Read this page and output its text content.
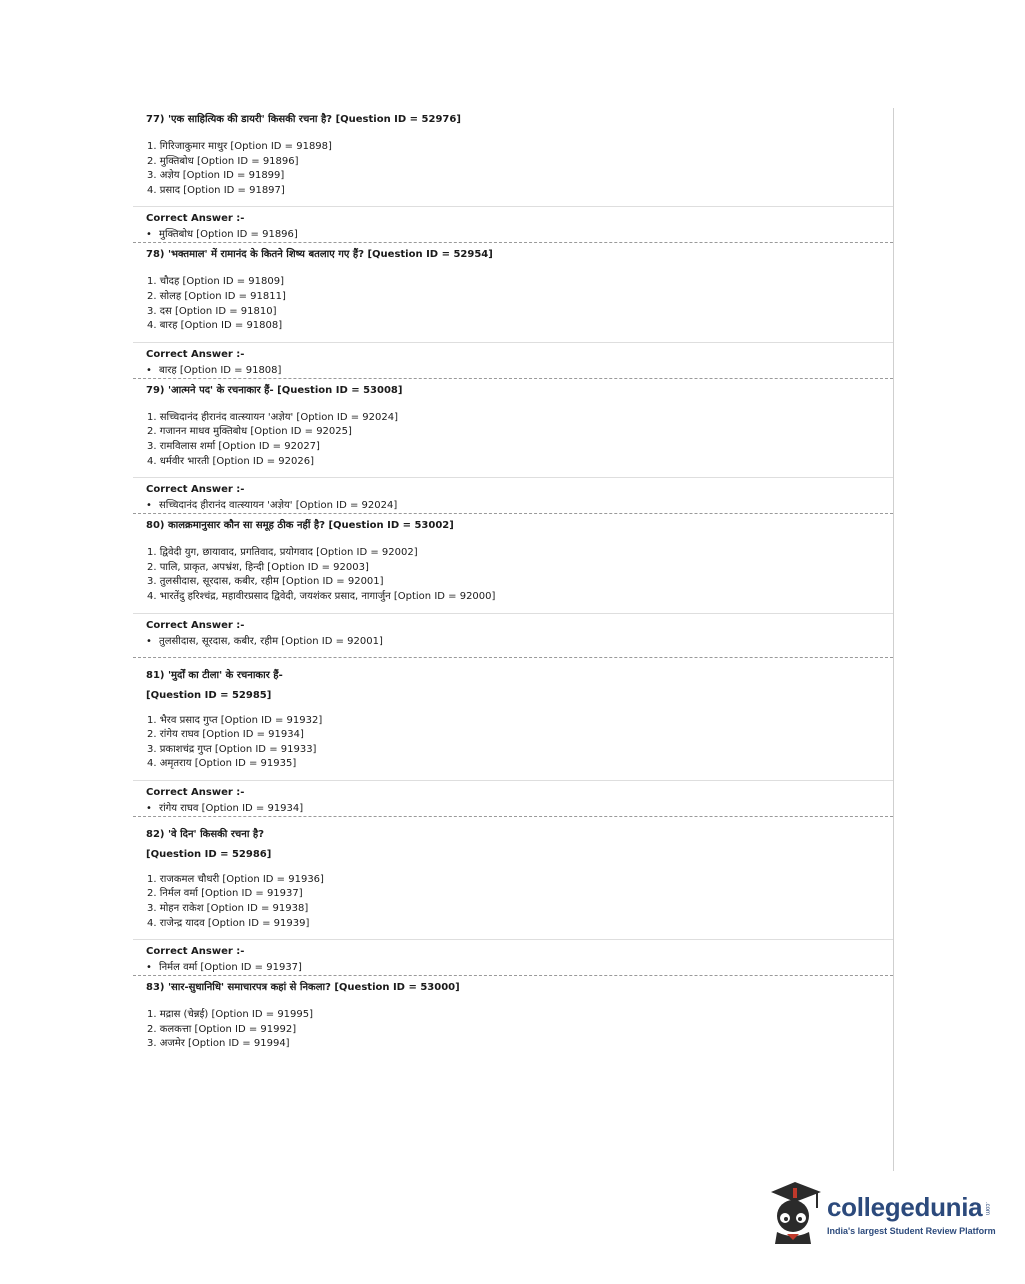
77) 'एक साहित्यिक की डायरी' किसकी रचना है? [Question ID = 52976]
1. गिरिजाकुमार माथुर [Option ID = 91898]
2. मुक्तिबोध [Option ID = 91896]
3. अज्ञेय [Option ID = 91899]
4. प्रसाद [Option ID = 91897]
Correct Answer :-
• मुक्तिबोध [Option ID = 91896]
78) 'भक्तमाल' में रामानंद के कितने शिष्य बतलाए गए हैं? [Question ID = 52954]
1. चौदह [Option ID = 91809]
2. सोलह [Option ID = 91811]
3. दस [Option ID = 91810]
4. बारह [Option ID = 91808]
Correct Answer :-
• बारह [Option ID = 91808]
79) 'आत्मने पद' के रचनाकार हैं- [Question ID = 53008]
1. सच्चिदानंद हीरानंद वात्स्यायन 'अज्ञेय' [Option ID = 92024]
2. गजानन माधव मुक्तिबोध [Option ID = 92025]
3. रामविलास शर्मा [Option ID = 92027]
4. धर्मवीर भारती [Option ID = 92026]
Correct Answer :-
• सच्चिदानंद हीरानंद वात्स्यायन 'अज्ञेय' [Option ID = 92024]
80) कालक्रमानुसार कौन सा समूह ठीक नहीं है? [Question ID = 53002]
1. द्विवेदी युग, छायावाद, प्रगतिवाद, प्रयोगवाद [Option ID = 92002]
2. पालि, प्राकृत, अपभ्रंश, हिन्दी [Option ID = 92003]
3. तुलसीदास, सूरदास, कबीर, रहीम [Option ID = 92001]
4. भारतेंदु हरिश्चंद्र, महावीरप्रसाद द्विवेदी, जयशंकर प्रसाद, नागार्जुन [Option ID = 92000]
Correct Answer :-
• तुलसीदास, सूरदास, कबीर, रहीम [Option ID = 92001]
81) 'मुर्दों का टीला' के रचनाकार हैं-
[Question ID = 52985]
1. भैरव प्रसाद गुप्त [Option ID = 91932]
2. रांगेय राघव [Option ID = 91934]
3. प्रकाशचंद्र गुप्त [Option ID = 91933]
4. अमृतराय [Option ID = 91935]
Correct Answer :-
• रांगेय राघव [Option ID = 91934]
82) 'वे दिन' किसकी रचना है?
[Question ID = 52986]
1. राजकमल चौधरी [Option ID = 91936]
2. निर्मल वर्मा [Option ID = 91937]
3. मोहन राकेश [Option ID = 91938]
4. राजेन्द्र यादव [Option ID = 91939]
Correct Answer :-
• निर्मल वर्मा [Option ID = 91937]
83) 'सार-सुधानिधि' समाचारपत्र कहां से निकला? [Question ID = 53000]
1. मद्रास (चेन्नई) [Option ID = 91995]
2. कलकत्ता [Option ID = 91992]
3. अजमेर [Option ID = 91994]
collegedunia .com
India's largest Student Review Platform
